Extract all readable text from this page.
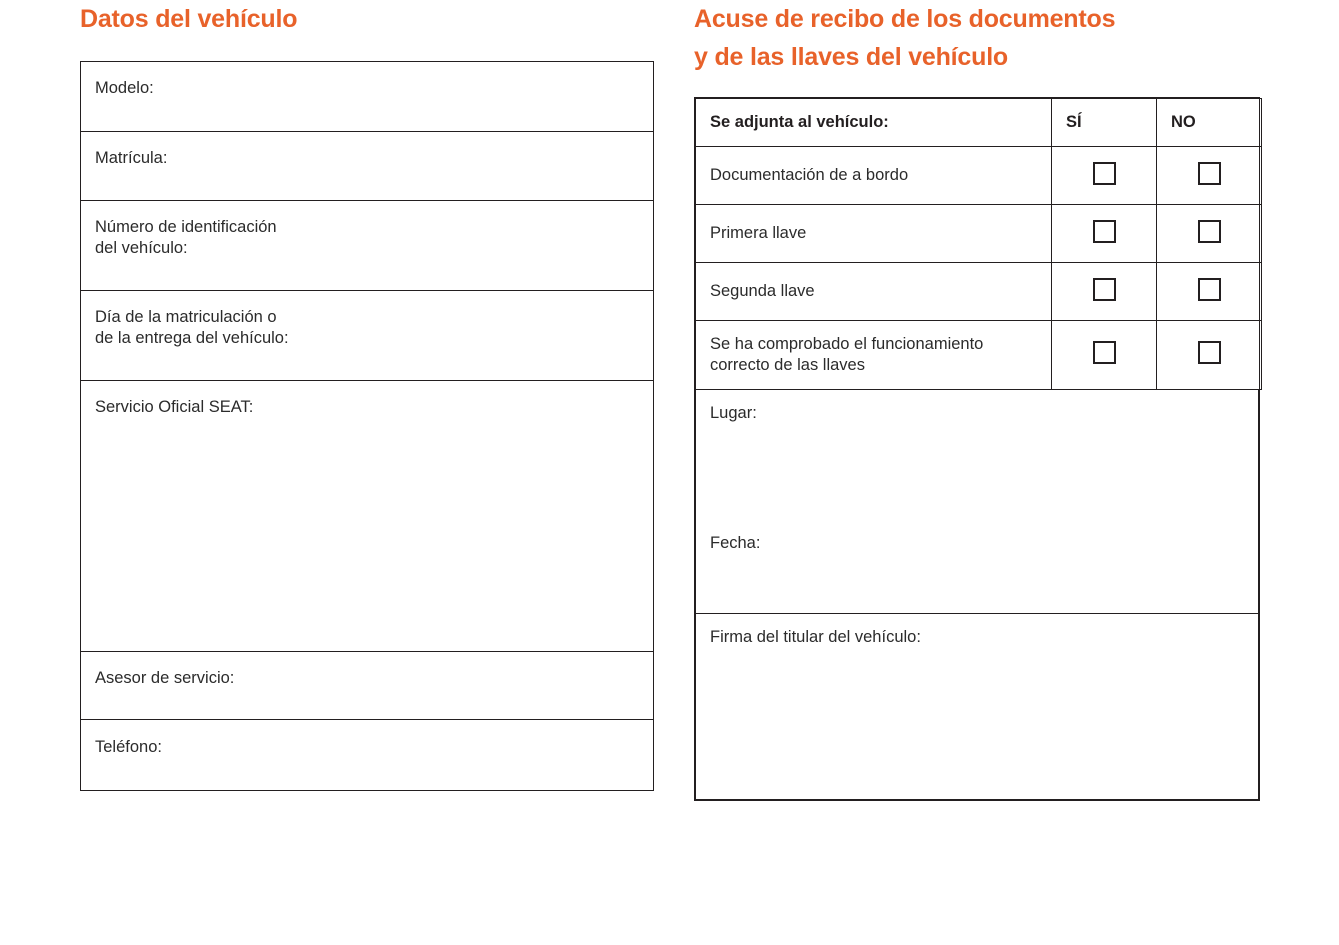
Datos del vehículo
Modelo:
Matrícula:
Número de identificación
del vehículo:
Día de la matriculación o
de la entrega del vehículo:
Servicio Oficial SEAT:
Asesor de servicio:
Teléfono:
Acuse de recibo de los documentos
y de las llaves del vehículo
Se adjunta al vehículo:	SÍ	NO
Documentación de a bordo		
Primera llave		
Segunda llave		

Se ha comprobado el funcionamiento
correcto de las llaves		

Lugar:
Fecha:
Firma del titular del vehículo:
